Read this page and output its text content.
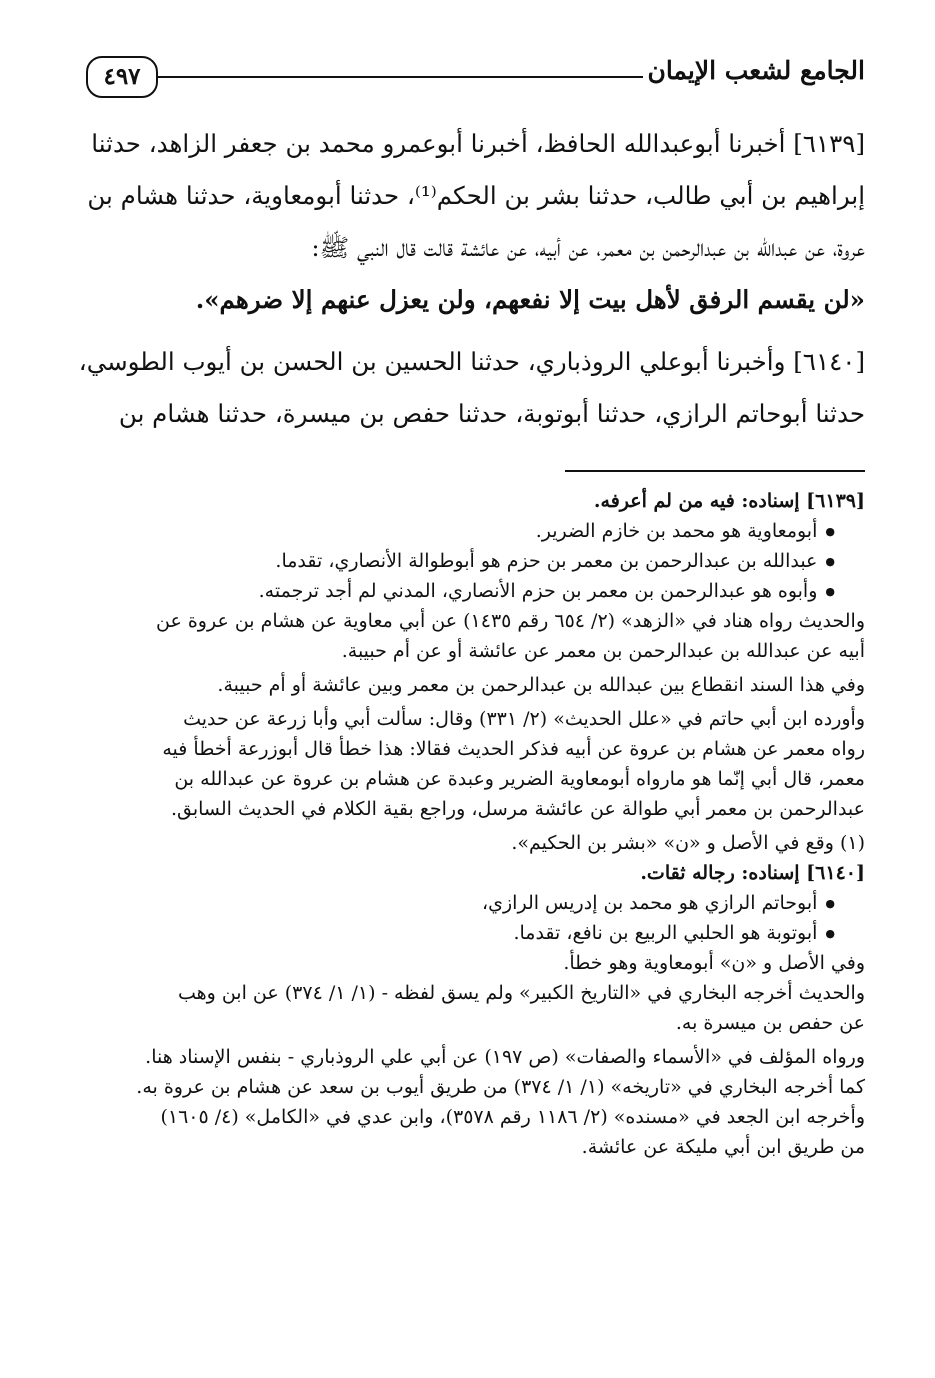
الجامع لشعب الإيمان
٤٩٧
[٦١٣٩] أخبرنا أبوعبدالله الحافظ، أخبرنا أبوعمرو محمد بن جعفر الزاهد، حدثنا
إبراهيم بن أبي طالب، حدثنا بشر بن الحكم⁽¹⁾، حدثنا أبومعاوية، حدثنا هشام بن
عروة، عن عبدالله بن عبدالرحمن بن معمر، عن أبيه، عن عائشة قالت قال النبي ﷺ:
«لن يقسم الرفق لأهل بيت إلا نفعهم، ولن يعزل عنهم إلا ضرهم».
[٦١٤٠] وأخبرنا أبوعلي الروذباري، حدثنا الحسين بن الحسن بن أيوب الطوسي،
حدثنا أبوحاتم الرازي، حدثنا أبوتوبة، حدثنا حفص بن ميسرة، حدثنا هشام بن
[٦١٣٩] إسناده: فيه من لم أعرفه.
● أبومعاوية هو محمد بن خازم الضرير.
● عبدالله بن عبدالرحمن بن معمر بن حزم هو أبوطوالة الأنصاري، تقدما.
● وأبوه هو عبدالرحمن بن معمر بن حزم الأنصاري، المدني لم أجد ترجمته.
والحديث رواه هناد في «الزهد» (٢/ ٦٥٤ رقم ١٤٣٥) عن أبي معاوية عن هشام بن عروة عن
أبيه عن عبدالله بن عبدالرحمن بن معمر عن عائشة أو عن أم حبيبة.
وفي هذا السند انقطاع بين عبدالله بن عبدالرحمن بن معمر وبين عائشة أو أم حبيبة.
وأورده ابن أبي حاتم في «علل الحديث» (٢/ ٣٣١) وقال: سألت أبي وأبا زرعة عن حديث
رواه معمر عن هشام بن عروة عن أبيه فذكر الحديث فقالا: هذا خطأ قال أبوزرعة أخطأ فيه
معمر، قال أبي إنّما هو مارواه أبومعاوية الضرير وعبدة عن هشام بن عروة عن عبدالله بن
عبدالرحمن بن معمر أبي طوالة عن عائشة مرسل، وراجع بقية الكلام في الحديث السابق.
(١) وقع في الأصل و «ن» «بشر بن الحكيم».
[٦١٤٠] إسناده: رجاله ثقات.
● أبوحاتم الرازي هو محمد بن إدريس الرازي،
● أبوتوبة هو الحلبي الربيع بن نافع، تقدما.
وفي الأصل و «ن» أبومعاوية وهو خطأ.
والحديث أخرجه البخاري في «التاريخ الكبير» ولم يسق لفظه - (١/ ١/ ٣٧٤) عن ابن وهب
عن حفص بن ميسرة به.
ورواه المؤلف في «الأسماء والصفات» (ص ١٩٧) عن أبي علي الروذباري - بنفس الإسناد هنا.
كما أخرجه البخاري في «تاريخه» (١/ ١/ ٣٧٤) من طريق أيوب بن سعد عن هشام بن عروة به.
وأخرجه ابن الجعد في «مسنده» (٢/ ١١٨٦ رقم ٣٥٧٨)، وابن عدي في «الكامل» (٤/ ١٦٠٥)
من طريق ابن أبي مليكة عن عائشة.
